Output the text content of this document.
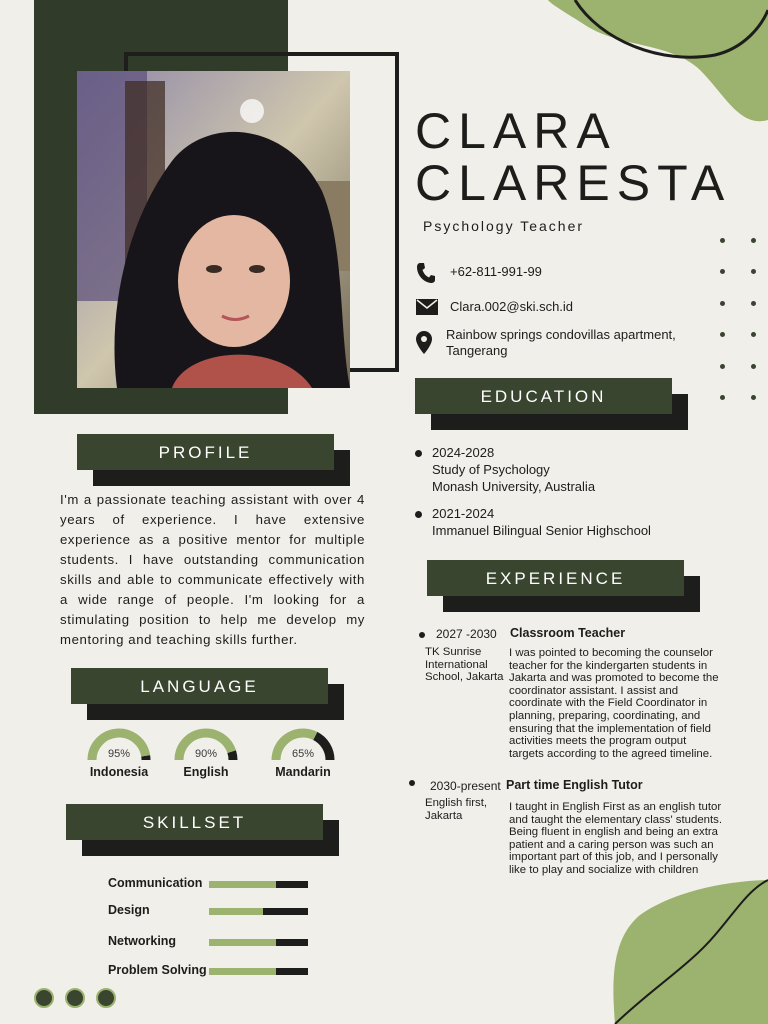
CLARA
CLARESTA
Psychology Teacher
+62-811-991-99
Clara.002@ski.sch.id
Rainbow springs condovillas apartment,
Tangerang
PROFILE
I'm a passionate teaching assistant with over 4 years of experience. I have extensive experience as a positive mentor for multiple students. I have outstanding communication skills and able to communicate effectively with a wide range of people. I'm looking for a stimulating position to help me develop my mentoring and teaching skills further.
LANGUAGE
95%
Indonesia
90%
English
65%
Mandarin
SKILLSET
Communication
Design
Networking
Problem Solving
EDUCATION
2024-2028
Study of Psychology
Monash University, Australia
2021-2024
Immanuel Bilingual Senior Highschool
EXPERIENCE
2027 -2030 Classroom Teacher
TK Sunrise
International
School, Jakarta
I was pointed to becoming the counselor
teacher for the kindergarten students in
Jakarta and was promoted to become the
coordinator assistant. I assist and
coordinate with the Field Coordinator in
planning, preparing, coordinating, and
ensuring that the implementation of field
activities meets the program output
targets according to the agreed timeline.
2030-present Part time English Tutor
English first,
Jakarta
I taught in English First as an english tutor
and taught the elementary class' students.
Being fluent in english and being an extra
patient and a caring person was such an
important part of this job, and I personally
like to play and socialize with children
